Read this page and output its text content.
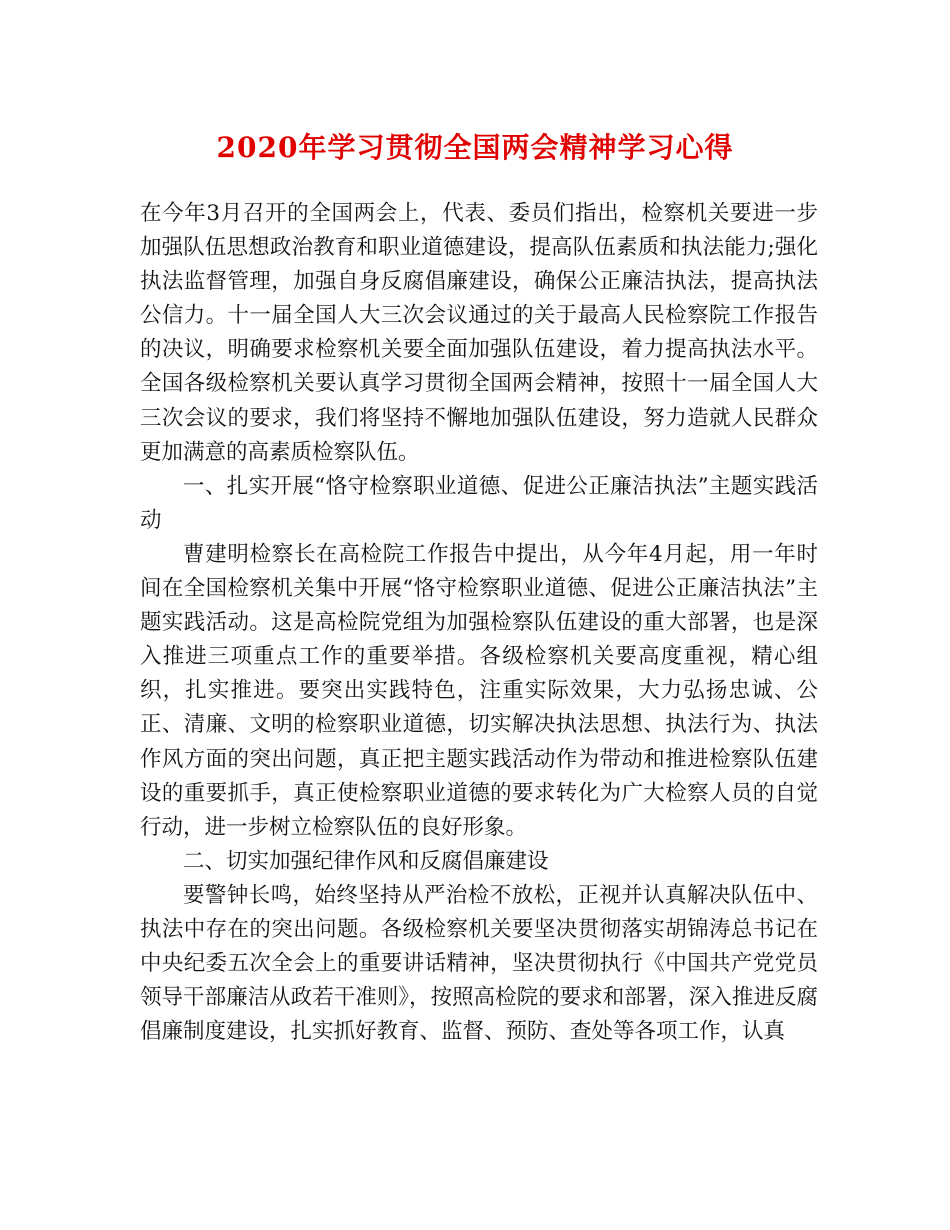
2020年学习贯彻全国两会精神学习心得

在今年3月召开的全国两会上，代表、委员们指出，检察机关要进一步加强队伍思想政治教育和职业道德建设，提高队伍素质和执法能力;强化执法监督管理，加强自身反腐倡廉建设，确保公正廉洁执法，提高执法公信力。十一届全国人大三次会议通过的关于最高人民检察院工作报告的决议，明确要求检察机关要全面加强队伍建设，着力提高执法水平。全国各级检察机关要认真学习贯彻全国两会精神，按照十一届全国人大三次会议的要求，我们将坚持不懈地加强队伍建设，努力造就人民群众更加满意的高素质检察队伍。

一、扎实开展“恪守检察职业道德、促进公正廉洁执法”主题实践活动

曹建明检察长在高检院工作报告中提出，从今年4月起，用一年时间在全国检察机关集中开展“恪守检察职业道德、促进公正廉洁执法”主题实践活动。这是高检院党组为加强检察队伍建设的重大部署，也是深入推进三项重点工作的重要举措。各级检察机关要高度重视，精心组织，扎实推进。要突出实践特色，注重实际效果，大力弘扬忠诚、公正、清廉、文明的检察职业道德，切实解决执法思想、执法行为、执法作风方面的突出问题，真正把主题实践活动作为带动和推进检察队伍建设的重要抓手，真正使检察职业道德的要求转化为广大检察人员的自觉行动，进一步树立检察队伍的良好形象。

二、切实加强纪律作风和反腐倡廉建设

要警钟长鸣，始终坚持从严治检不放松，正视并认真解决队伍中、执法中存在的突出问题。各级检察机关要坚决贯彻落实胡锦涛总书记在中央纪委五次全会上的重要讲话精神，坚决贯彻执行《中国共产党党员领导干部廉洁从政若干准则》，按照高检院的要求和部署，深入推进反腐倡廉制度建设，扎实抓好教育、监督、预防、查处等各项工作，认真
